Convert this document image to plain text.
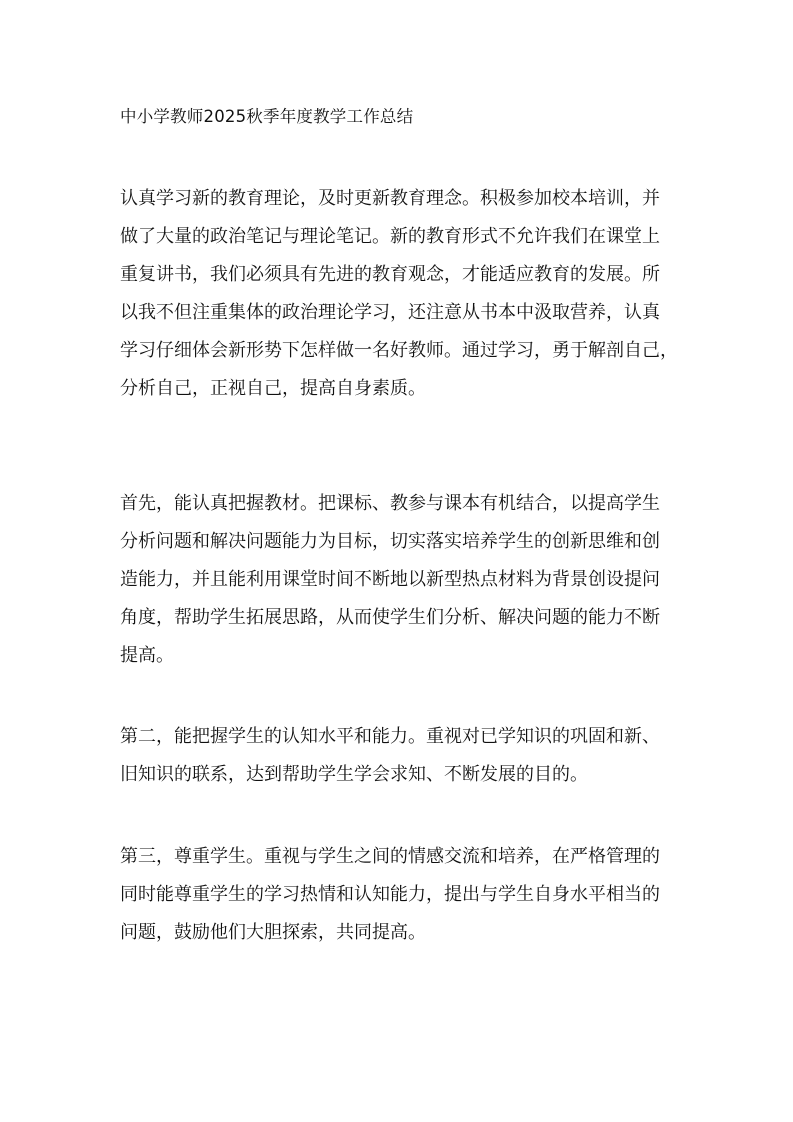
中小学教师2025秋季年度教学工作总结
认真学习新的教育理论，及时更新教育理念。积极参加校本培训，并
做了大量的政治笔记与理论笔记。新的教育形式不允许我们在课堂上
重复讲书，我们必须具有先进的教育观念，才能适应教育的发展。所
以我不但注重集体的政治理论学习，还注意从书本中汲取营养，认真
学习仔细体会新形势下怎样做一名好教师。通过学习，勇于解剖自己，
分析自己，正视自己，提高自身素质。
首先，能认真把握教材。把课标、教参与课本有机结合，以提高学生
分析问题和解决问题能力为目标，切实落实培养学生的创新思维和创
造能力，并且能利用课堂时间不断地以新型热点材料为背景创设提问
角度，帮助学生拓展思路，从而使学生们分析、解决问题的能力不断
提高。
第二，能把握学生的认知水平和能力。重视对已学知识的巩固和新、
旧知识的联系，达到帮助学生学会求知、不断发展的目的。
第三，尊重学生。重视与学生之间的情感交流和培养，在严格管理的
同时能尊重学生的学习热情和认知能力，提出与学生自身水平相当的
问题，鼓励他们大胆探索，共同提高。
